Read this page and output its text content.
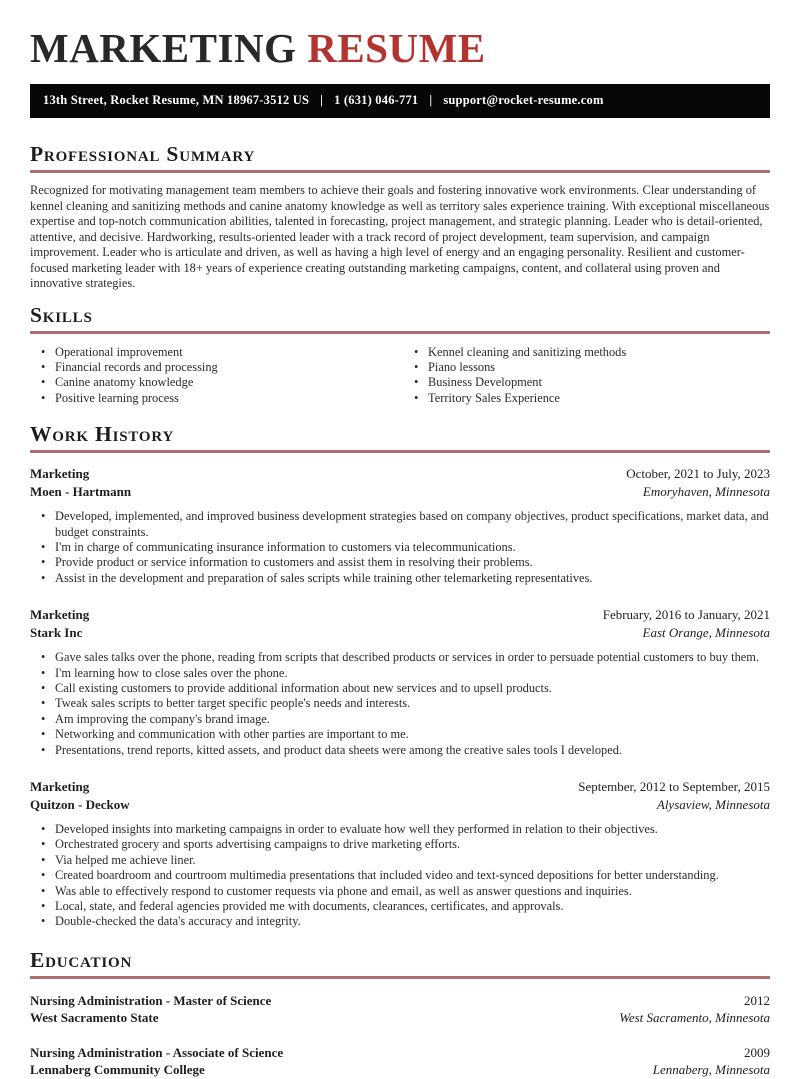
MARKETING RESUME
13th Street, Rocket Resume, MN 18967-3512 US | 1 (631) 046-771 | support@rocket-resume.com
Professional Summary

Recognized for motivating management team members to achieve their goals and fostering innovative work environments. Clear understanding of kennel cleaning and sanitizing methods and canine anatomy knowledge as well as territory sales experience training. With exceptional miscellaneous expertise and top-notch communication abilities, talented in forecasting, project management, and strategic planning. Leader who is detail-oriented, attentive, and decisive. Hardworking, results-oriented leader with a track record of project development, team supervision, and campaign improvement. Leader who is articulate and driven, as well as having a high level of energy and an engaging personality. Resilient and customer-focused marketing leader with 18+ years of experience creating outstanding marketing campaigns, content, and collateral using proven and innovative strategies.

Skills
• Operational improvement
• Financial records and processing
• Canine anatomy knowledge
• Positive learning process
• Kennel cleaning and sanitizing methods
• Piano lessons
• Business Development
• Territory Sales Experience
Work History
Marketing	October, 2021 to July, 2023
Moen - Hartmann	Emoryhaven, Minnesota
• Developed, implemented, and improved business development strategies based on company objectives, product specifications, market data, and budget constraints.
• I'm in charge of communicating insurance information to customers via telecommunications.
• Provide product or service information to customers and assist them in resolving their problems.
• Assist in the development and preparation of sales scripts while training other telemarketing representatives.
Marketing	February, 2016 to January, 2021
Stark Inc	East Orange, Minnesota
• Gave sales talks over the phone, reading from scripts that described products or services in order to persuade potential customers to buy them.
• I'm learning how to close sales over the phone.
• Call existing customers to provide additional information about new services and to upsell products.
• Tweak sales scripts to better target specific people's needs and interests.
• Am improving the company's brand image.
• Networking and communication with other parties are important to me.
• Presentations, trend reports, kitted assets, and product data sheets were among the creative sales tools I developed.
Marketing	September, 2012 to September, 2015
Quitzon - Deckow	Alysaview, Minnesota
• Developed insights into marketing campaigns in order to evaluate how well they performed in relation to their objectives.
• Orchestrated grocery and sports advertising campaigns to drive marketing efforts.
• Via helped me achieve liner.
• Created boardroom and courtroom multimedia presentations that included video and text-synced depositions for better understanding.
• Was able to effectively respond to customer requests via phone and email, as well as answer questions and inquiries.
• Local, state, and federal agencies provided me with documents, clearances, certificates, and approvals.
• Double-checked the data's accuracy and integrity.
Education
Nursing Administration - Master of Science	2012
West Sacramento State	West Sacramento, Minnesota
Nursing Administration - Associate of Science	2009
Lennaberg Community College	Lennaberg, Minnesota
